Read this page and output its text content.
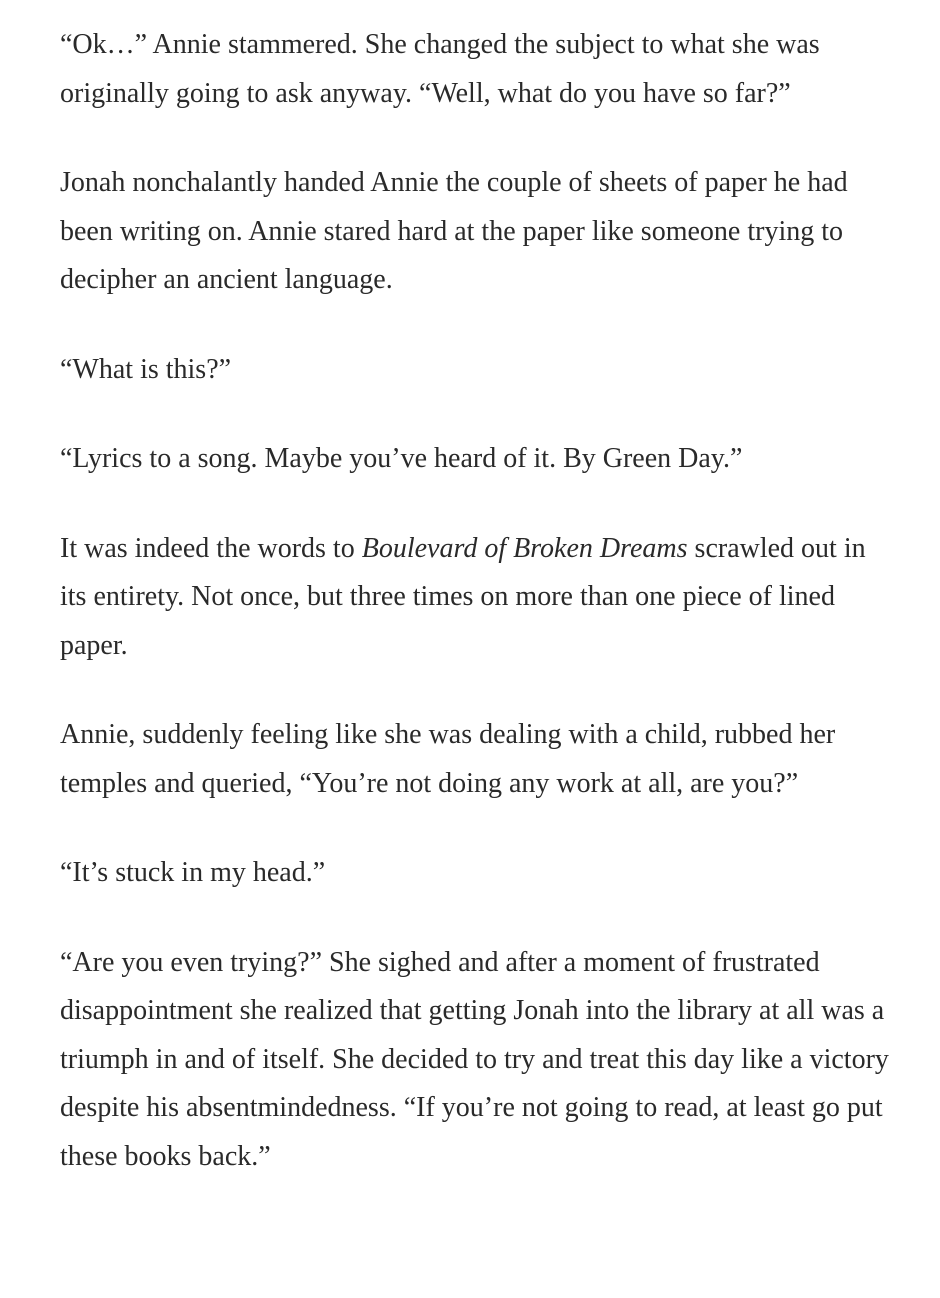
“Ok…” Annie stammered. She changed the subject to what she was originally going to ask anyway. “Well, what do you have so far?”

Jonah nonchalantly handed Annie the couple of sheets of paper he had been writing on. Annie stared hard at the paper like someone trying to decipher an ancient language.

“What is this?”

“Lyrics to a song. Maybe you’ve heard of it. By Green Day.”

It was indeed the words to Boulevard of Broken Dreams scrawled out in its entirety. Not once, but three times on more than one piece of lined paper.

Annie, suddenly feeling like she was dealing with a child, rubbed her temples and queried, “You’re not doing any work at all, are you?”

“It’s stuck in my head.”

“Are you even trying?” She sighed and after a moment of frustrated disappointment she realized that getting Jonah into the library at all was a triumph in and of itself. She decided to try and treat this day like a victory despite his absentmindedness. “If you’re not going to read, at least go put these books back.”
